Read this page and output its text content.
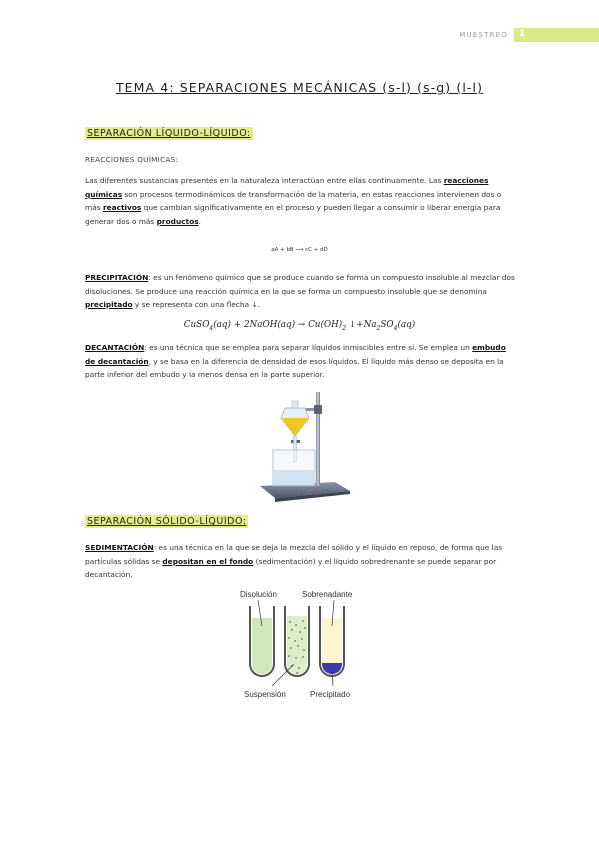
MUESTREO 1
TEMA 4: SEPARACIONES MECÁNICAS (s-l) (s-g) (l-l)
SEPARACIÓN LÍQUIDO-LÍQUIDO:
REACCIONES QUÍMICAS:
Las diferentes sustancias presentes en la naturaleza interactúan entre ellas continuamente. Las reacciones químicas son procesos termodinámicos de transformación de la materia, en estas reacciones intervienen dos o más reactivos que cambian significativamente en el proceso y pueden llegar a consumir o liberar energía para generar dos o más productos.
aA + bB ⟶ cC + dD
PRECIPITACIÓN: es un fenómeno químico que se produce cuando se forma un compuesto insoluble al mezclar dos disoluciones. Se produce una reacción química en la que se forma un compuesto insoluble que se denomina precipitado y se representa con una flecha ↓.
CuSO$_4$(aq) + 2NaOH(aq) → $Cu(OH)_2$ $↓+Na_2SO_4(aq)$
DECANTACIÓN: es una técnica que se emplea para separar líquidos inmiscibles entre sí. Se emplea un embudo de decantación, y se basa en la diferencia de densidad de esos líquidos. El líquido más denso se deposita en la parte inferior del embudo y la menos densa en la parte superior.
SEPARACIÓN SÓLIDO-LÍQUIDO:
SEDIMENTACIÓN: es una técnica en la que se deja la mezcla del sólido y el líquido en reposo, de forma que las partículas sólidas se depositan en el fondo (sedimentación) y el líquido sobredrenante se puede separar por decantación.
Disolución	Sobrenadante
Suspensión	Precipitado
